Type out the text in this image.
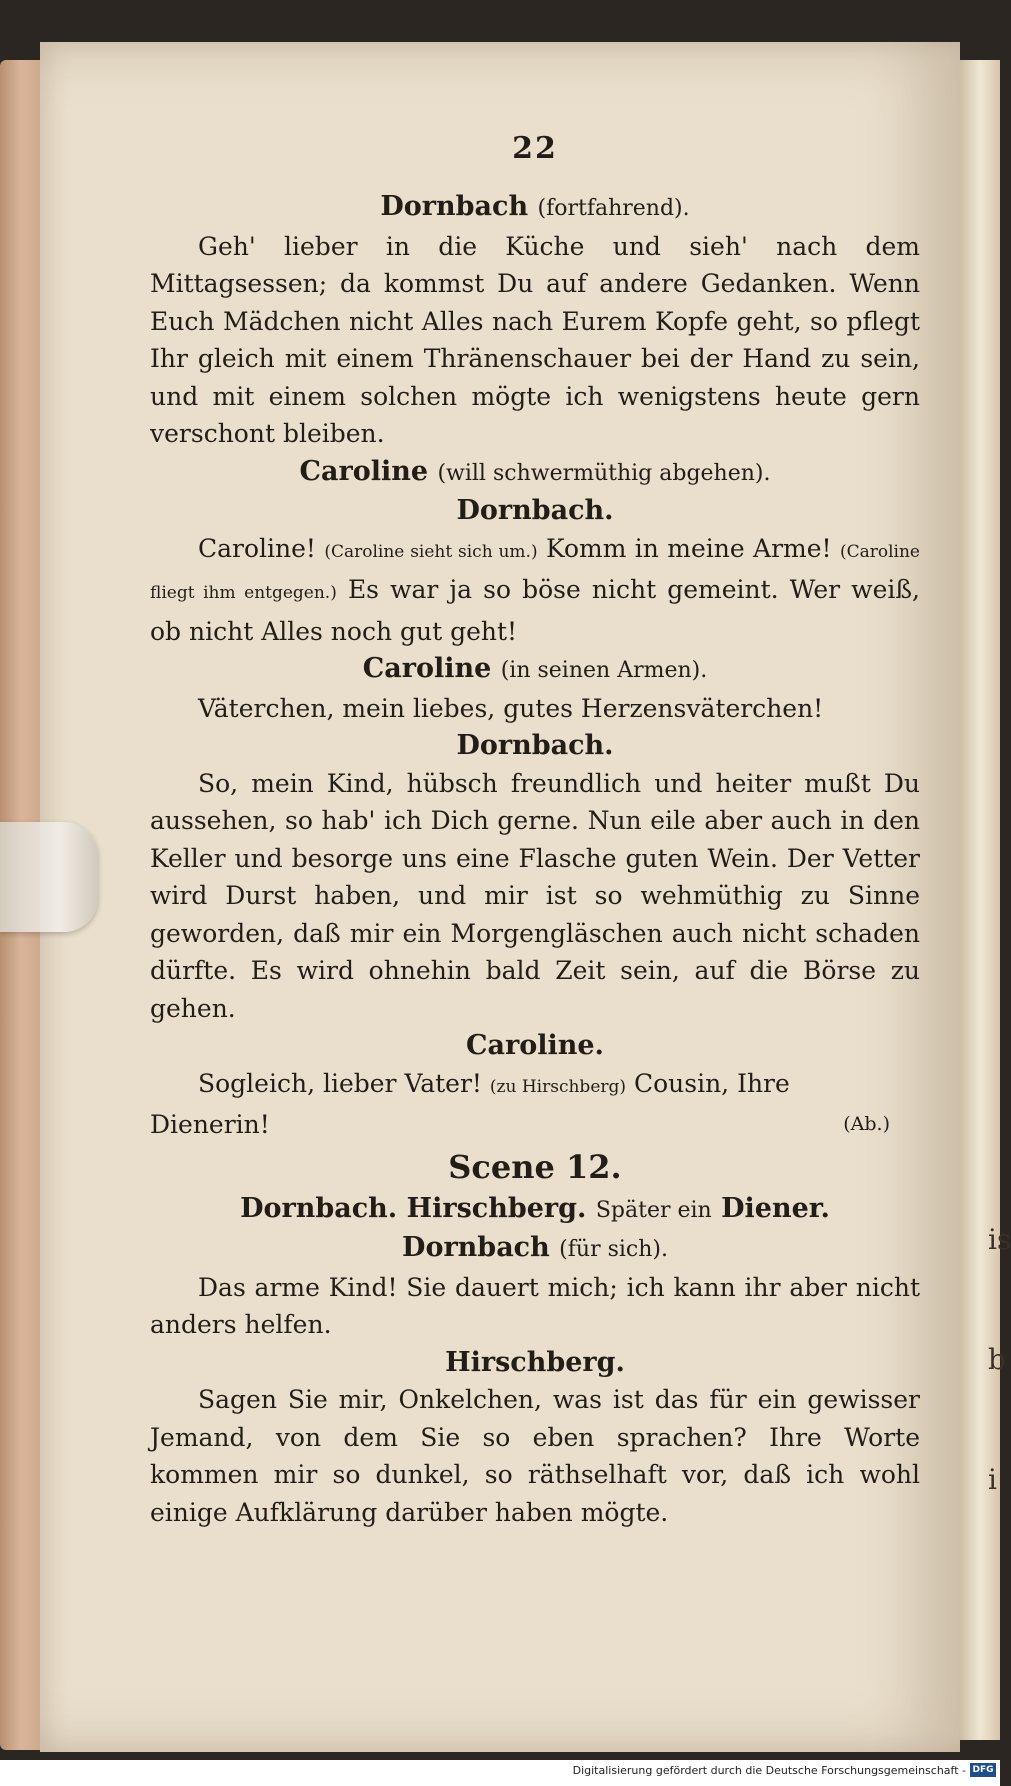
is
b
i
22
Dornbach (fortfahrend).
Geh' lieber in die Küche und sieh' nach dem Mittagsessen; da kommst Du auf andere Gedanken. Wenn Euch Mädchen nicht Alles nach Eurem Kopfe geht, so pflegt Ihr gleich mit einem Thränenschauer bei der Hand zu sein, und mit einem solchen mögte ich wenigstens heute gern verschont bleiben.
Caroline (will schwermüthig abgehen).
Dornbach.
Caroline! (Caroline sieht sich um.) Komm in meine Arme! (Caroline fliegt ihm entgegen.) Es war ja so böse nicht gemeint. Wer weiß, ob nicht Alles noch gut geht!
Caroline (in seinen Armen).
Väterchen, mein liebes, gutes Herzensväterchen!
Dornbach.
So, mein Kind, hübsch freundlich und heiter mußt Du aussehen, so hab' ich Dich gerne. Nun eile aber auch in den Keller und besorge uns eine Flasche guten Wein. Der Vetter wird Durst haben, und mir ist so wehmüthig zu Sinne geworden, daß mir ein Morgengläschen auch nicht schaden dürfte. Es wird ohnehin bald Zeit sein, auf die Börse zu gehen.
Caroline.
Sogleich, lieber Vater! (zu Hirschberg) Cousin, Ihre
Dienerin!	(Ab.)
Scene 12.
Dornbach. Hirschberg. Später ein Diener.
Dornbach (für sich).
Das arme Kind! Sie dauert mich; ich kann ihr aber nicht anders helfen.
Hirschberg.
Sagen Sie mir, Onkelchen, was ist das für ein gewisser Jemand, von dem Sie so eben sprachen? Ihre Worte kommen mir so dunkel, so räthselhaft vor, daß ich wohl einige Aufklärung darüber haben mögte.
Digitalisierung gefördert durch die Deutsche Forschungsgemeinschaft - DFG
